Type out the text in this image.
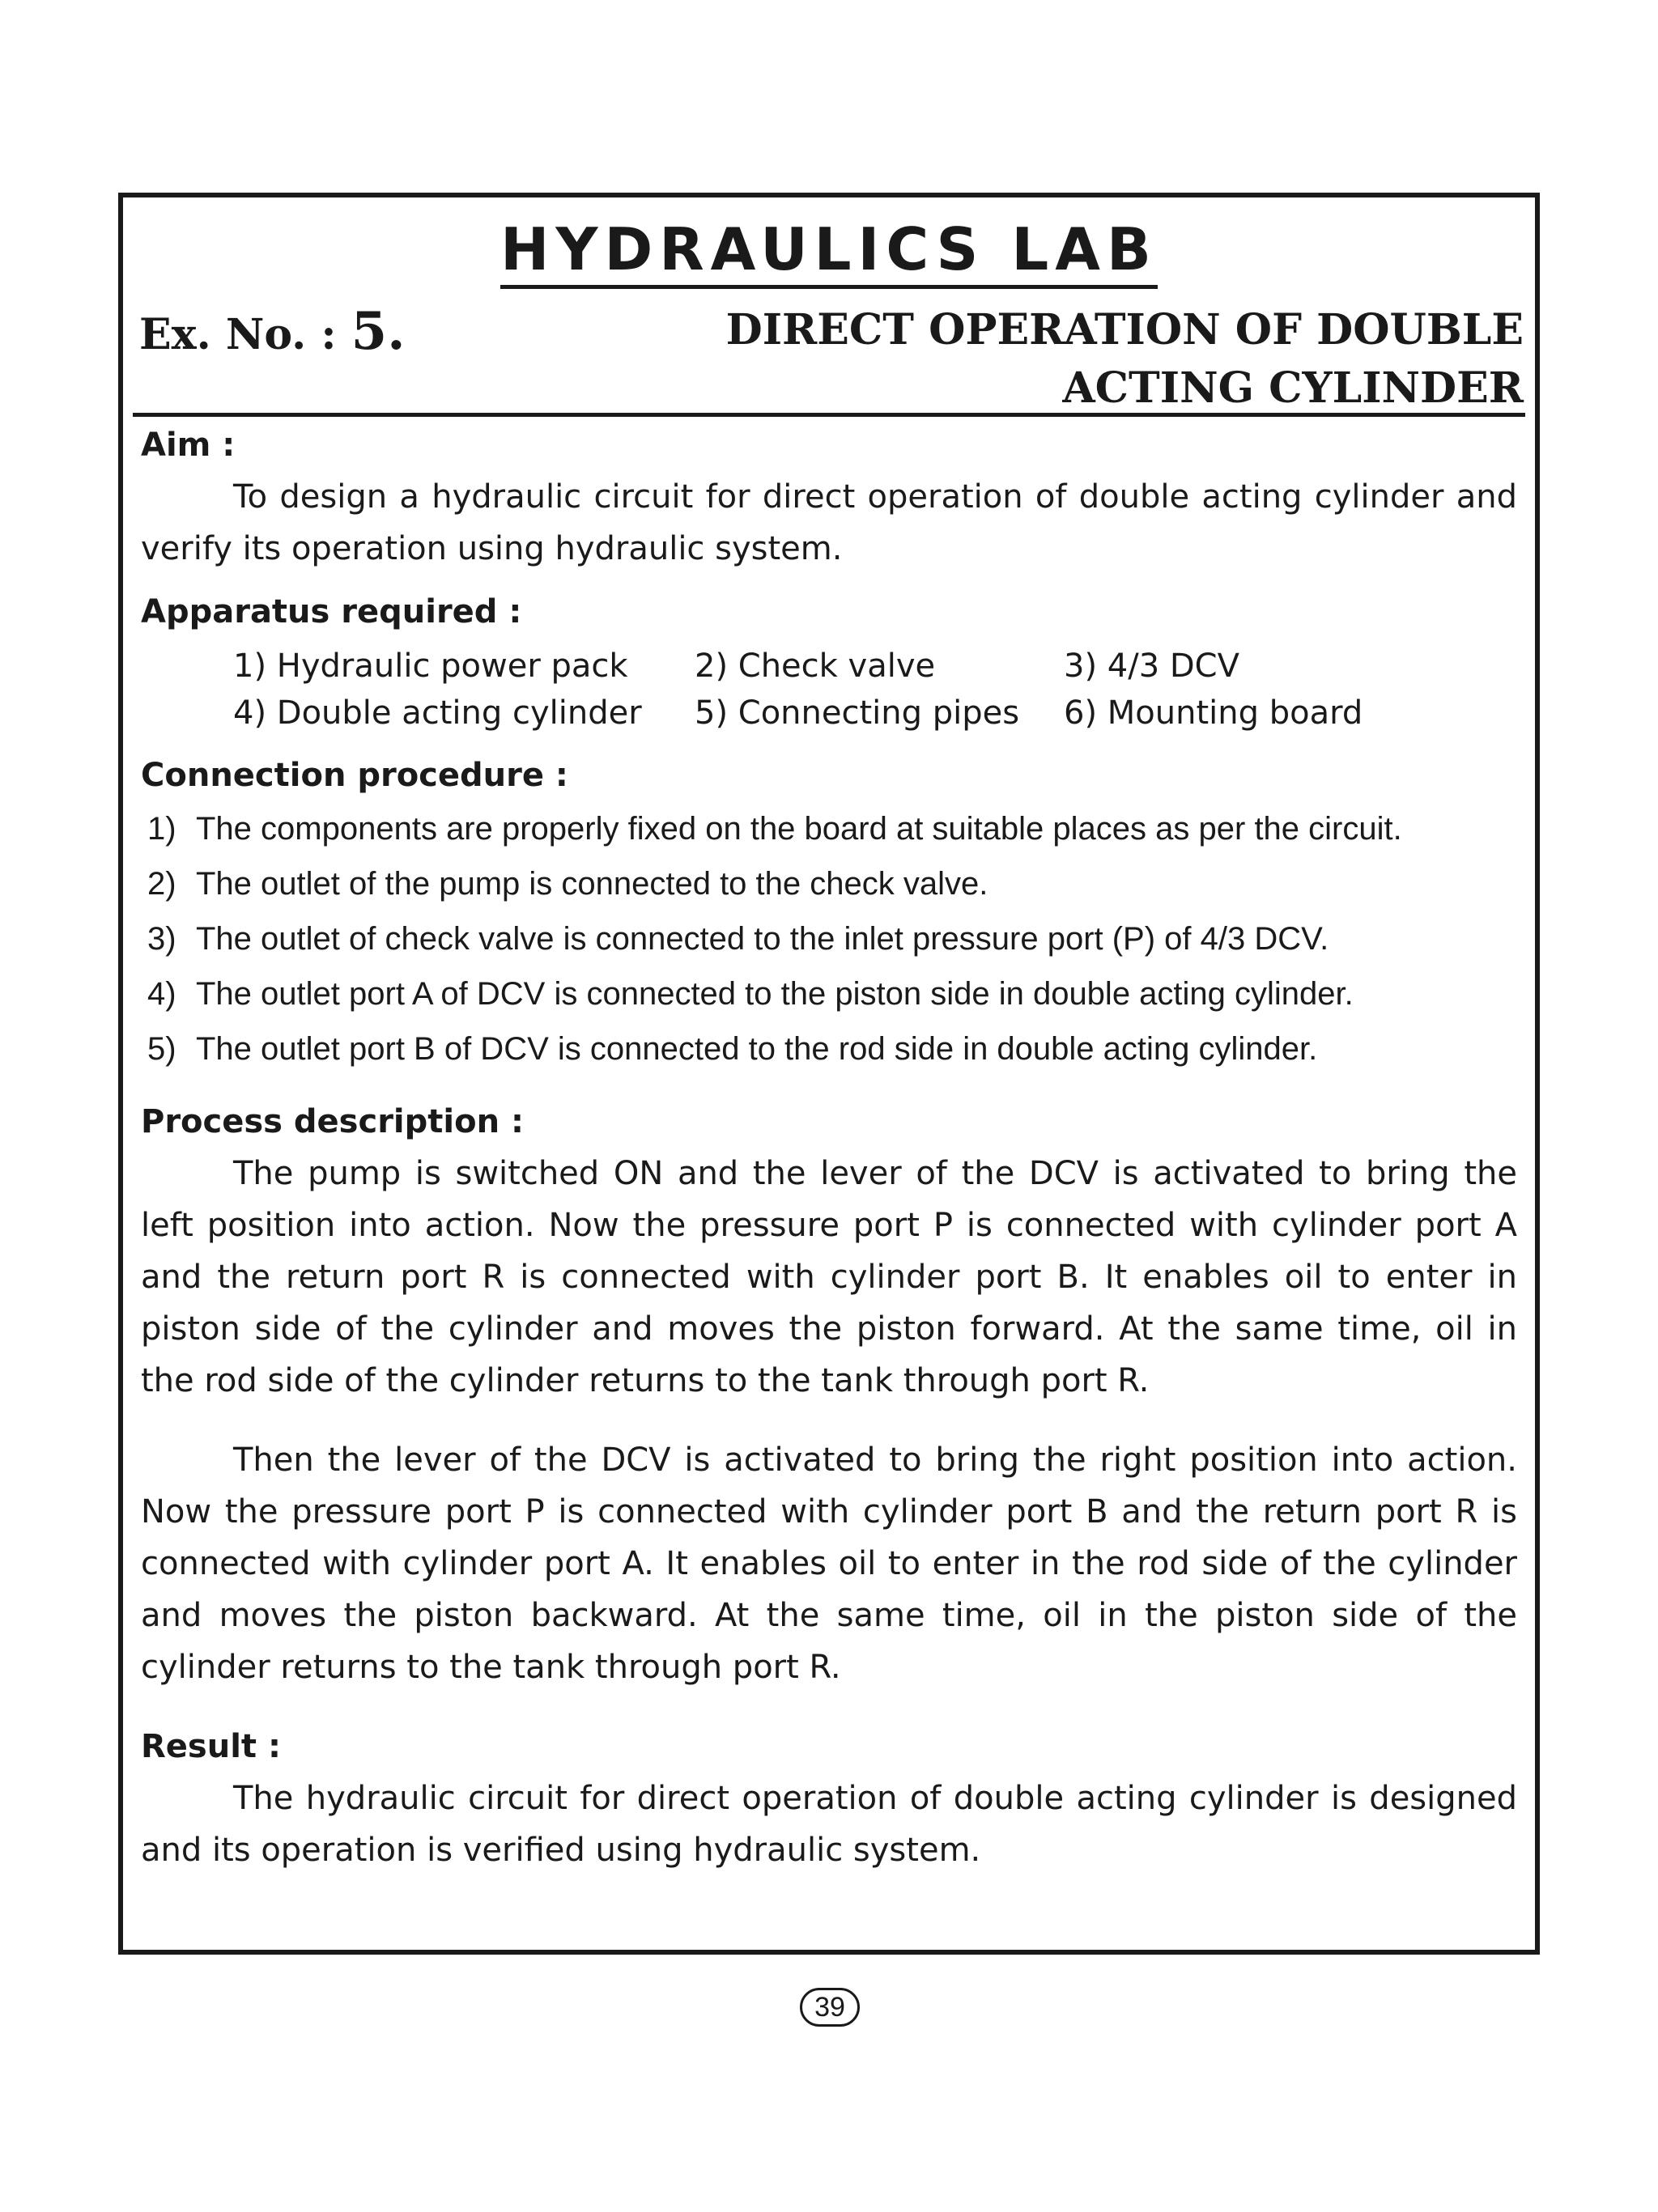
HYDRAULICS LAB
Ex. No. : 5.	DIRECT OPERATION OF DOUBLE
ACTING CYLINDER
Aim :

To design a hydraulic circuit for direct operation of double acting cylinder and verify its operation using hydraulic system.

Apparatus required :
1) Hydraulic power pack	2) Check valve	3) 4/3 DCV
4) Double acting cylinder	5) Connecting pipes	6) Mounting board
Connection procedure :
1) The components are properly fixed on the board at suitable places as per the circuit.
2) The outlet of the pump is connected to the check valve.
3) The outlet of check valve is connected to the inlet pressure port (P) of 4/3 DCV.
4) The outlet port A of DCV is connected to the piston side in double acting cylinder.
5) The outlet port B of DCV is connected to the rod side in double acting cylinder.
Process description :

The pump is switched ON and the lever of the DCV is activated to bring the left position into action. Now the pressure port P is connected with cylinder port A and the return port R is connected with cylinder port B. It enables oil to enter in piston side of the cylinder and moves the piston forward. At the same time, oil in the rod side of the cylinder returns to the tank through port R.

Then the lever of the DCV is activated to bring the right position into action. Now the pressure port P is connected with cylinder port B and the return port R is connected with cylinder port A. It enables oil to enter in the rod side of the cylinder and moves the piston backward. At the same time, oil in the piston side of the cylinder returns to the tank through port R.

Result :

The hydraulic circuit for direct operation of double acting cylinder is designed and its operation is verified using hydraulic system.

39
